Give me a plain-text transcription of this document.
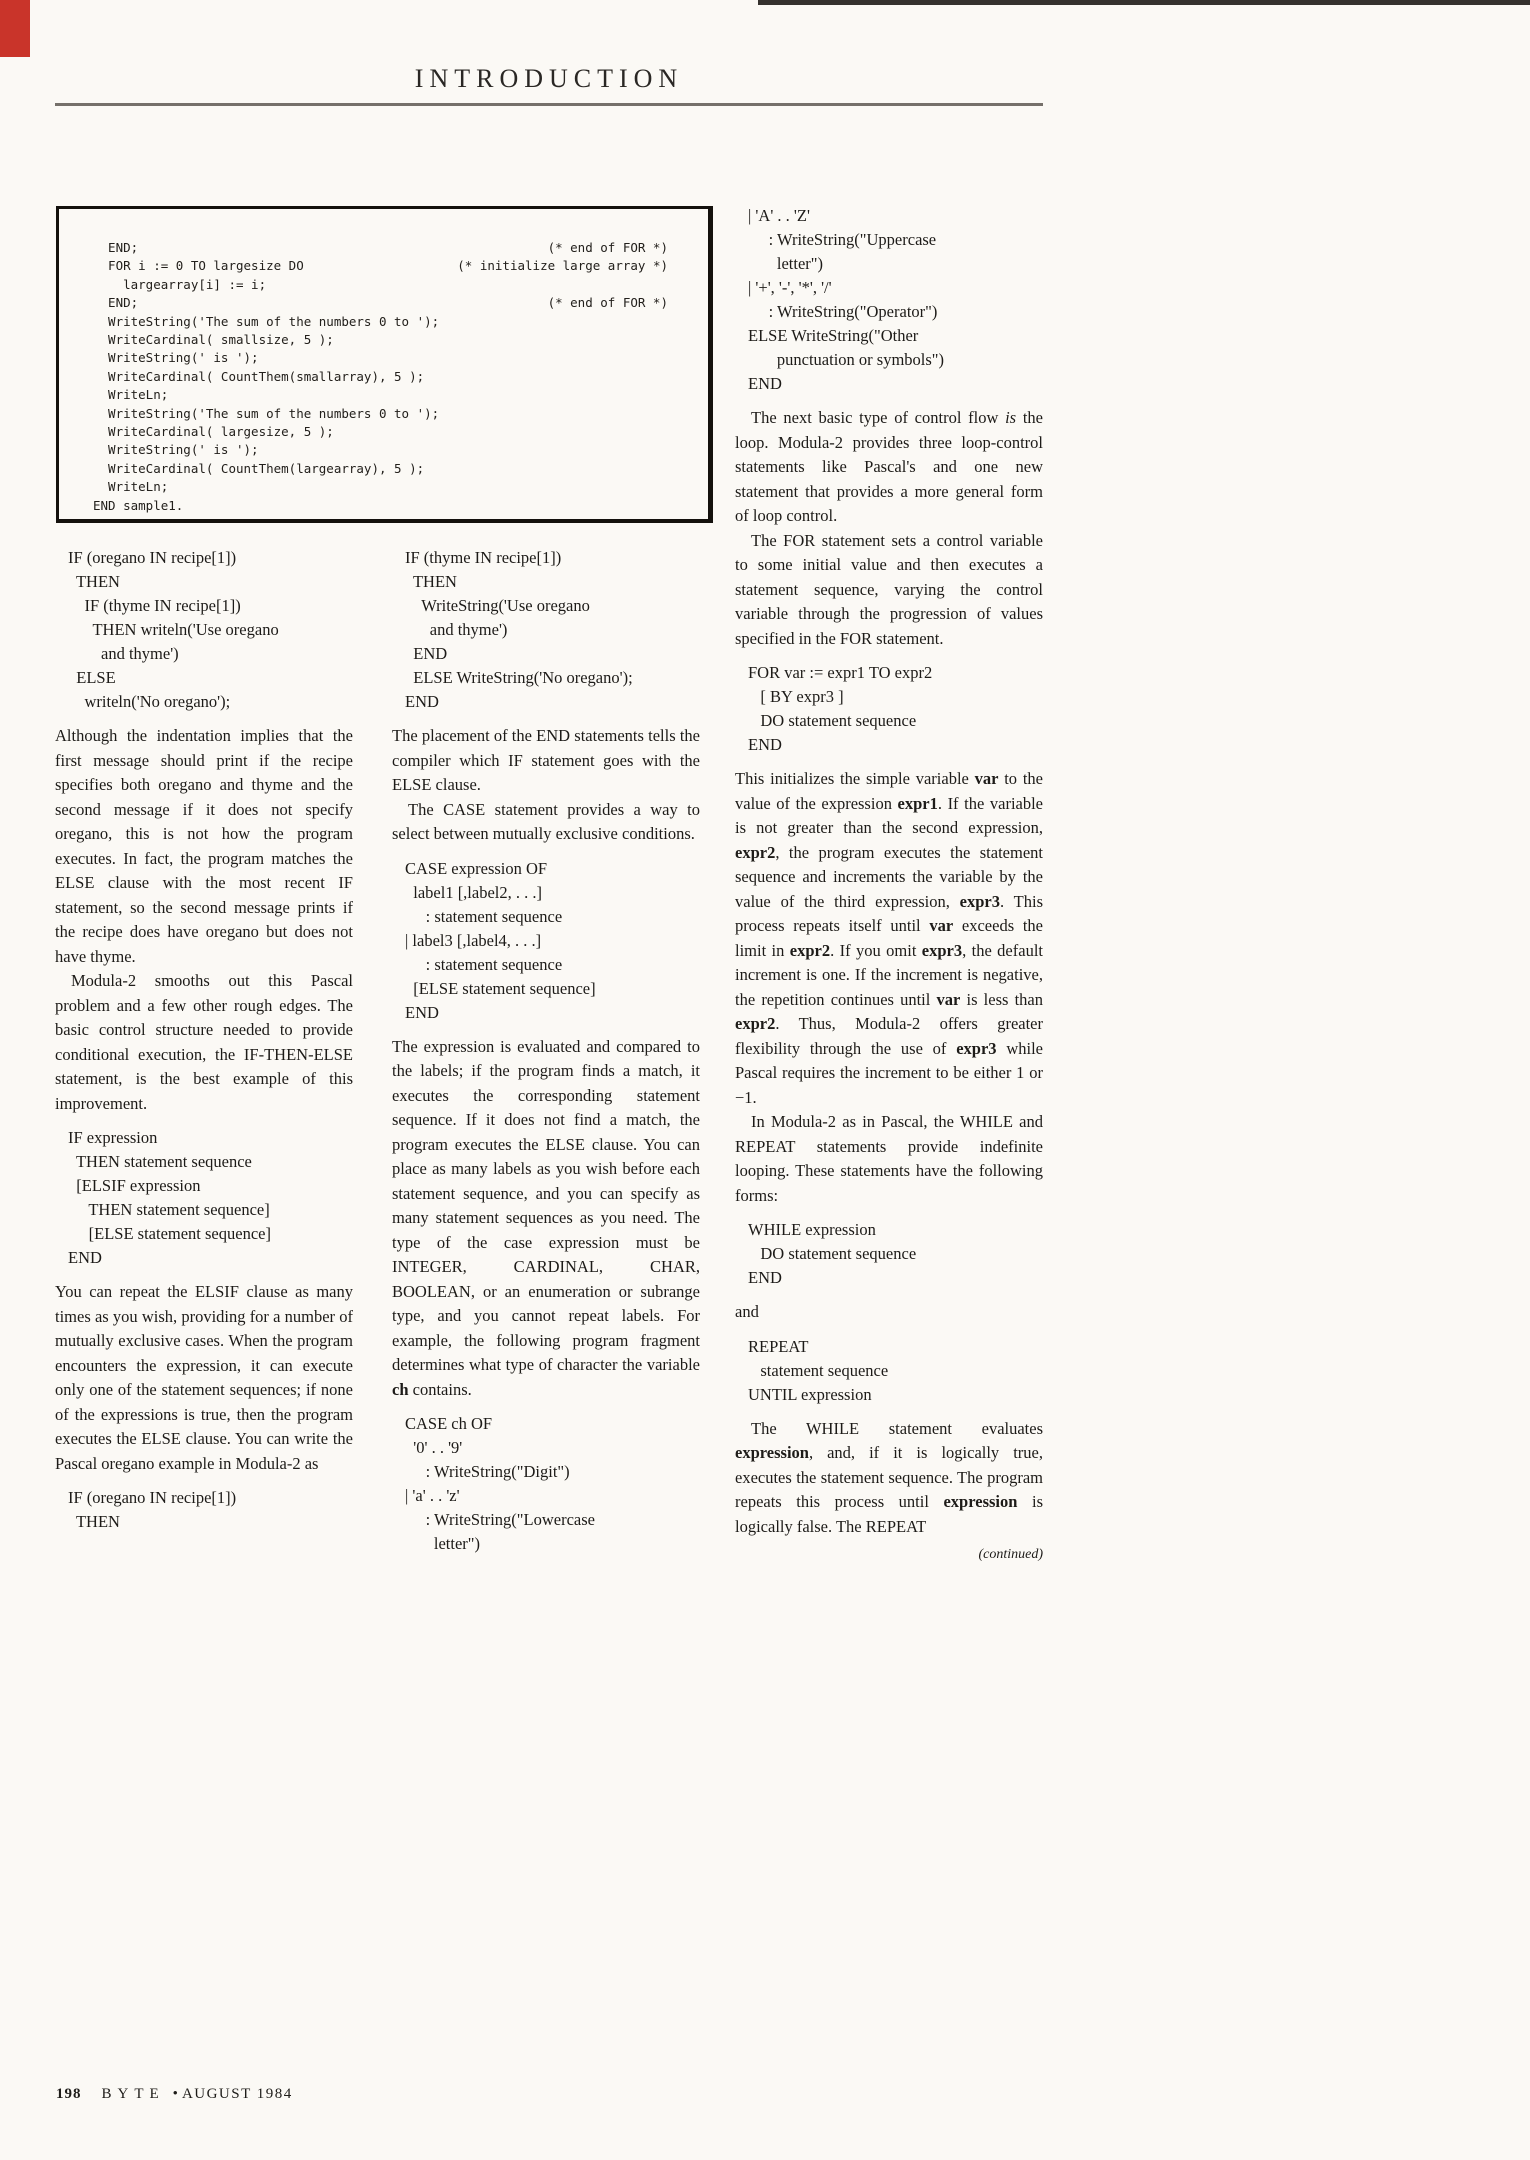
INTRODUCTION
END;
FOR i := 0 TO largesize DO
largearray[i] := i;
END;
WriteString('The sum of the numbers 0 to ');
WriteCardinal( smallsize, 5 );
WriteString(' is ');
WriteCardinal( CountThem(smallarray), 5 );
WriteLn;
WriteString('The sum of the numbers 0 to ');
WriteCardinal( largesize, 5 );
WriteString(' is ');
WriteCardinal( CountThem(largearray), 5 );
WriteLn;
END sample1.
(* end of FOR *)
(* initialize large array *)

(* end of FOR *)

IF (oregano IN recipe[1])
THEN
IF (thyme IN recipe[1])
THEN writeln('Use oregano
and thyme')
ELSE
writeln('No oregano');
Although the indentation implies that the first message should print if the recipe specifies both oregano and thyme and the second message if it does not specify oregano, this is not how the program executes. In fact, the program matches the ELSE clause with the most recent IF statement, so the second message prints if the recipe does have oregano but does not have thyme.
Modula-2 smooths out this Pascal problem and a few other rough edges. The basic control structure needed to provide conditional execution, the IF-THEN-ELSE statement, is the best example of this improvement.
IF expression
THEN statement sequence
[ELSIF expression
THEN statement sequence]
[ELSE statement sequence]
END
You can repeat the ELSIF clause as many times as you wish, providing for a number of mutually exclusive cases. When the program encounters the expression, it can execute only one of the statement sequences; if none of the expressions is true, then the program executes the ELSE clause. You can write the Pascal oregano example in Modula-2 as
IF (oregano IN recipe[1])
THEN
IF (thyme IN recipe[1])
THEN
WriteString('Use oregano
and thyme')
END
ELSE WriteString('No oregano');
END
The placement of the END statements tells the compiler which IF statement goes with the ELSE clause.
The CASE statement provides a way to select between mutually exclusive conditions.
CASE expression OF
label1 [,label2, . . .]
: statement sequence
| label3 [,label4, . . .]
: statement sequence
[ELSE statement sequence]
END
The expression is evaluated and compared to the labels; if the program finds a match, it executes the corresponding statement sequence. If it does not find a match, the program executes the ELSE clause. You can place as many labels as you wish before each statement sequence, and you can specify as many statement sequences as you need. The type of the case expression must be INTEGER, CARDINAL, CHAR, BOOLEAN, or an enumeration or subrange type, and you cannot repeat labels. For example, the following program fragment determines what type of character the variable ch contains.
CASE ch OF
'0' . . '9'
: WriteString("Digit")
| 'a' . . 'z'
: WriteString("Lowercase
letter")
| 'A' . . 'Z'
: WriteString("Uppercase
letter")
| '+', '-', '*', '/'
: WriteString("Operator")
ELSE WriteString("Other
punctuation or symbols")
END
The next basic type of control flow is the loop. Modula-2 provides three loop-control statements like Pascal's and one new statement that provides a more general form of loop control.
The FOR statement sets a control variable to some initial value and then executes a statement sequence, varying the control variable through the progression of values specified in the FOR statement.
FOR var := expr1 TO expr2
[ BY expr3 ]
DO statement sequence
END
This initializes the simple variable var to the value of the expression expr1. If the variable is not greater than the second expression, expr2, the program executes the statement sequence and increments the variable by the value of the third expression, expr3. This process repeats itself until var exceeds the limit in expr2. If you omit expr3, the default increment is one. If the increment is negative, the repetition continues until var is less than expr2. Thus, Modula-2 offers greater flexibility through the use of expr3 while Pascal requires the increment to be either 1 or −1.
In Modula-2 as in Pascal, the WHILE and REPEAT statements provide indefinite looping. These statements have the following forms:
WHILE expression
DO statement sequence
END
and
REPEAT
statement sequence
UNTIL expression
The WHILE statement evaluates expression, and, if it is logically true, executes the statement sequence. The program repeats this process until expression is logically false. The REPEAT
(continued)
198 BYTE • AUGUST 1984
